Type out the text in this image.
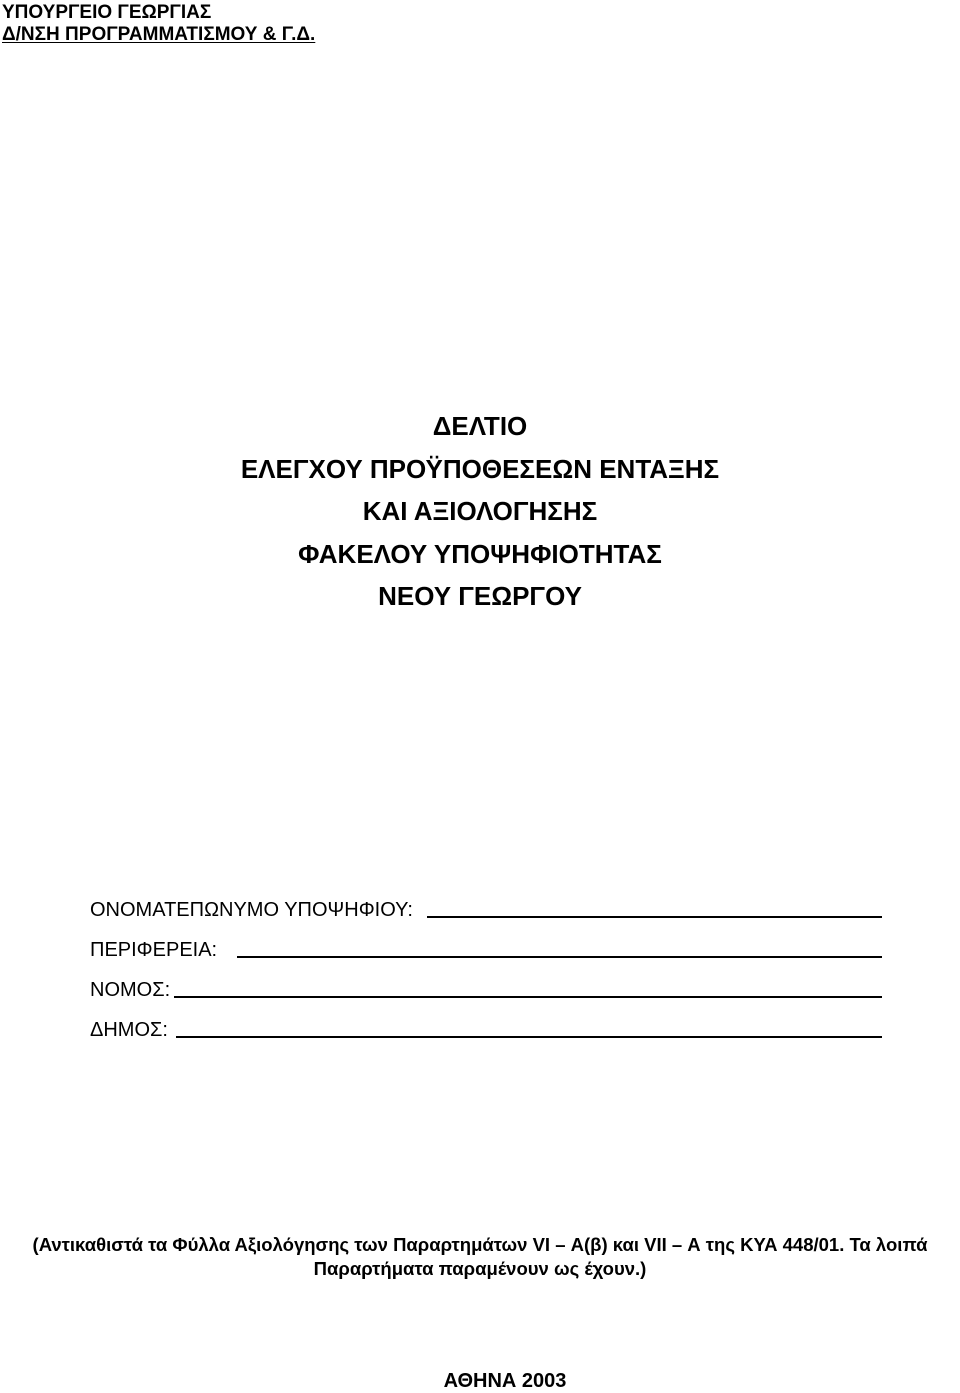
ΥΠΟΥΡΓΕΙΟ ΓΕΩΡΓΙΑΣ
Δ/ΝΣΗ ΠΡΟΓΡΑΜΜΑΤΙΣΜΟΥ & Γ.Δ.
ΔΕΛΤΙΟ
ΕΛΕΓΧΟΥ ΠΡΟΫΠΟΘΕΣΕΩΝ ΕΝΤΑΞΗΣ
ΚΑΙ ΑΞΙΟΛΟΓΗΣΗΣ
ΦΑΚΕΛΟΥ ΥΠΟΨΗΦΙΟΤΗΤΑΣ
ΝΕΟΥ ΓΕΩΡΓΟΥ
ΟΝΟΜΑΤΕΠΩΝΥΜΟ ΥΠΟΨΗΦΙΟΥ:
ΠΕΡΙΦΕΡΕΙΑ:
ΝΟΜΟΣ:
ΔΗΜΟΣ:
(Αντικαθιστά τα Φύλλα Αξιολόγησης των Παραρτημάτων VI – Α(β) και VII – Α της ΚΥΑ 448/01. Τα λοιπά
Παραρτήματα παραμένουν ως έχουν.)
ΑΘΗΝΑ 2003
